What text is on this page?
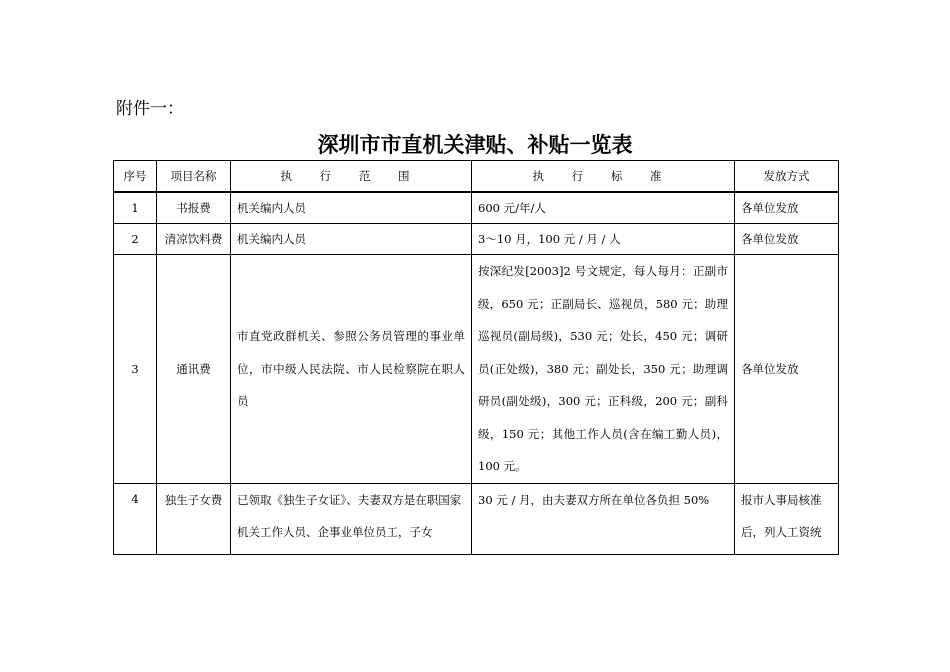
附件一：
深圳市市直机关津贴、补贴一览表
序号	项目名称	执 行 范 围	执 行 标 准	发放方式
1	书报费	机关编内人员	600 元/年/人	各单位发放
2	清凉饮料费	机关编内人员	3～10 月，100 元 / 月 / 人	各单位发放
3	通讯费	市直党政群机关、参照公务员管理的事业单位，市中级人民法院、市人民检察院在职人员	按深纪发[2003]2 号文规定，每人每月：正副市级，650 元；正副局长、巡视员，580 元；助理巡视员(副局级)，530 元；处长，450 元；调研员(正处级)，380 元；副处长，350 元；助理调研员(副处级)，300 元；正科级，200 元；副科级，150 元；其他工作人员(含在编工勤人员)，100 元。	各单位发放
4	独生子女费	已领取《独生子女证》、夫妻双方是在职国家机关工作人员、企事业单位员工，子女	30 元 / 月，由夫妻双方所在单位各负担 50%	报市人事局核准后，列人工资统
